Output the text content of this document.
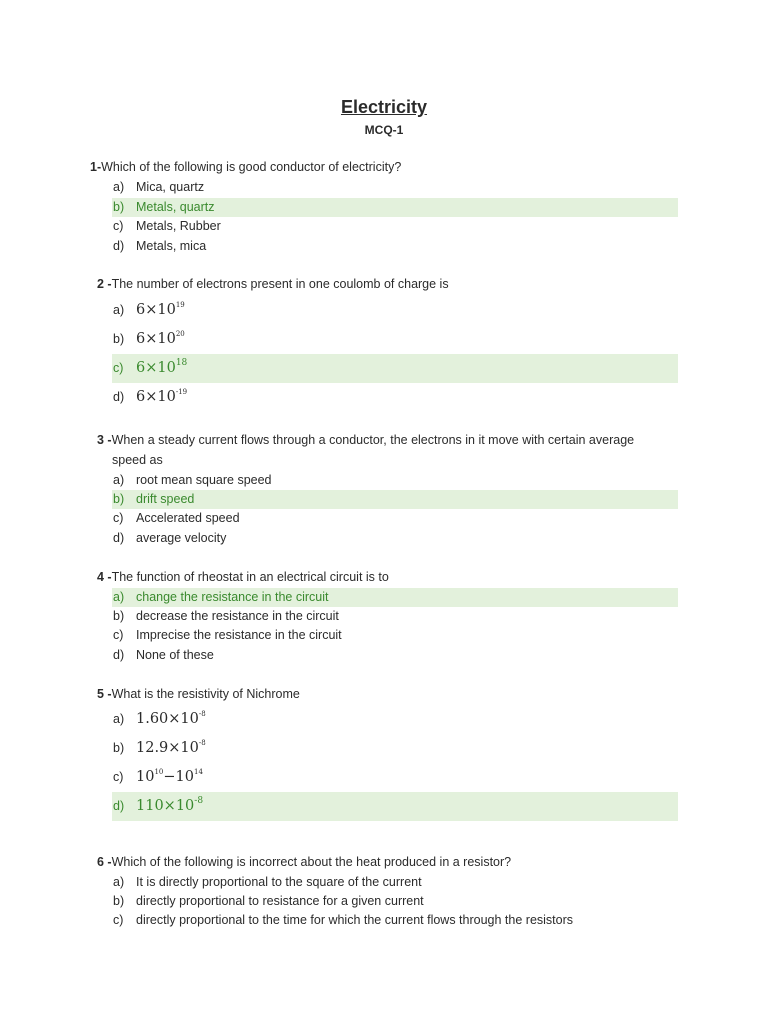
Electricity
MCQ-1
1-Which of the following is good conductor of electricity?
a) Mica, quartz
b) Metals, quartz
c) Metals, Rubber
d) Metals, mica
2 -The number of electrons present in one coulomb of charge is
a) $6\times 10^{19}$
b) $6\times 10^{20}$
c) $6\times 10^{18}$
d) $6\times 10^{-19}$
3 -When a steady current flows through a conductor, the electrons in it move with certain average
speed as
a) root mean square speed
b) drift speed
c) Accelerated speed
d) average velocity
4 -The function of rheostat in an electrical circuit is to
a) change the resistance in the circuit
b) decrease the resistance in the circuit
c) Imprecise the resistance in the circuit
d) None of these
5 -What is the resistivity of Nichrome
a) $1.60\times 10^{-8}$
b) $12.9\times 10^{-8}$
c) $10^{10}-10^{14}$
d) $110\times 10^{-8}$
6 -Which of the following is incorrect about the heat produced in a resistor?
a) It is directly proportional to the square of the current
b) directly proportional to resistance for a given current
c) directly proportional to the time for which the current flows through the resistors
